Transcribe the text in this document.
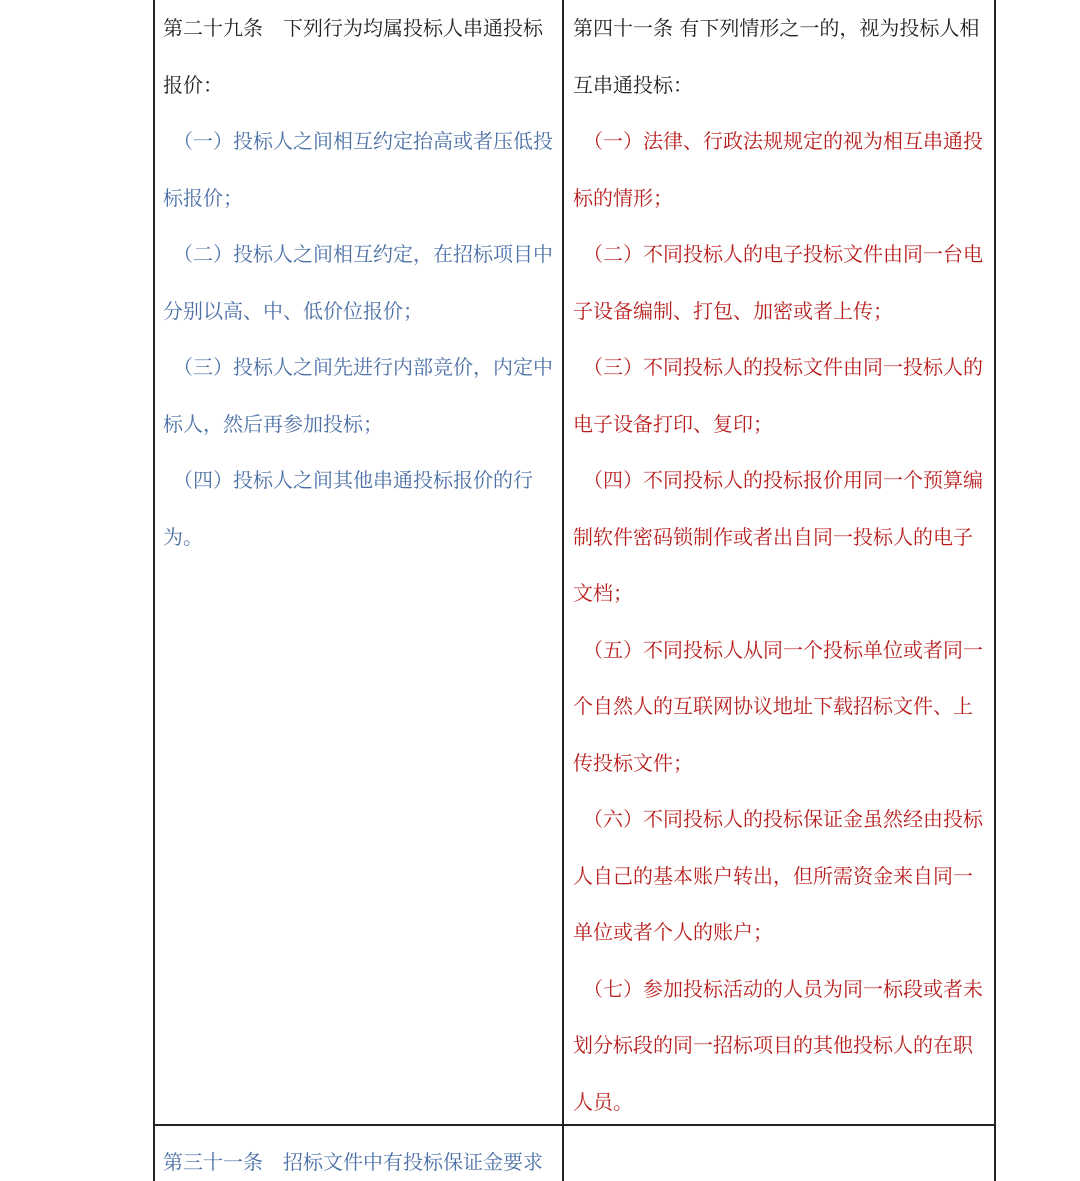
第二十九条　下列行为均属投标人串通投标报价：

（一）投标人之间相互约定抬高或者压低投标报价；

（二）投标人之间相互约定，在招标项目中分别以高、中、低价位报价；

（三）投标人之间先进行内部竞价，内定中标人，然后再参加投标；

（四）投标人之间其他串通投标报价的行为。

第四十一条 有下列情形之一的，视为投标人相互串通投标：

（一）法律、行政法规规定的视为相互串通投标的情形；

（二）不同投标人的电子投标文件由同一台电子设备编制、打包、加密或者上传；

（三）不同投标人的投标文件由同一投标人的电子设备打印、复印；

（四）不同投标人的投标报价用同一个预算编制软件密码锁制作或者出自同一投标人的电子文档；

（五）不同投标人从同一个投标单位或者同一个自然人的互联网协议地址下载招标文件、上传投标文件；

（六）不同投标人的投标保证金虽然经由投标人自己的基本账户转出，但所需资金来自同一单位或者个人的账户；

（七）参加投标活动的人员为同一标段或者未划分标段的同一招标项目的其他投标人的在职人员。

第三十一条　招标文件中有投标保证金要求
